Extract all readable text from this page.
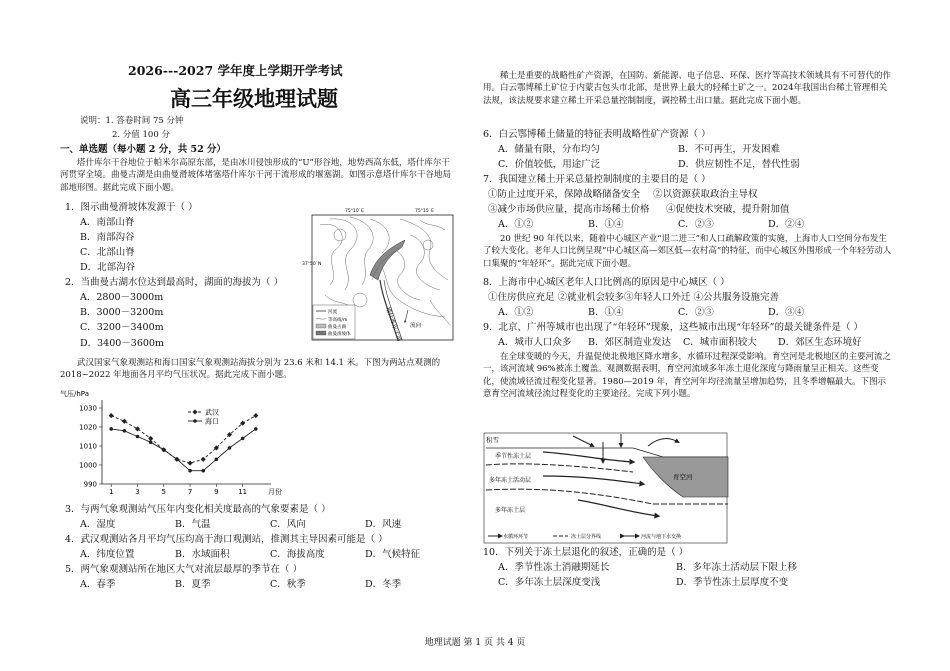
2026---2027 学年度上学期开学考试
高三年级地理试题
说明：1. 答卷时间 75 分钟
2. 分值 100 分
一、单选题（每小题 2 分，共 52 分）
塔什库尔干谷地位于帕米尔高原东部，是由冰川侵蚀形成的“U”形谷地，地势西高东低，塔什库尔干河贯穿全境。曲曼古湖是由曲曼滑坡体堵塞塔什库尔干河干流形成的堰塞湖。如图示意塔什库尔干谷地局部地形图。据此完成下面小题。
1．图示曲曼滑坡体发源于（ ）
A．南部山脊
B．南部沟谷
C．北部山脊
D．北部沟谷
2．当曲曼古湖水位达到最高时，湖面的海拔为（ ）
A．2800－3000m
B．3000－3200m
C．3200－3400m
D．3400－3600m
塔什库尔干河 流向
75°10′ E	75°15′ E
37°50′ N
河流
等高线/m
曲曼古湖
曲曼滑坡体
武汉国家气象观测站和海口国家气象观测站海拔分别为 23.6 米和 14.1 米。下图为两站点观测的 2018~2022 年地面各月平均气压状况。据此完成下面小题。
气压/hPa
月份
990
1000
1010
1020
1030
1	3	5	7	9	11
武汉
海口
3．与两气象观测站气压年内变化相关度最高的气象要素是（ ）
A．湿度	B．气温	C．风向	D．风速
4．武汉观测站各月平均气压均高于海口观测站，推测其主导因素可能是（ ）
A．纬度位置	B．水域面积	C．海拔高度	D．气候特征
5．两气象观测站所在地区大气对流层最厚的季节在（ ）
A．春季	B．夏季	C．秋季	D．冬季
稀土是重要的战略性矿产资源，在国防、新能源、电子信息、环保、医疗等高技术领域具有不可替代的作用。白云鄂博稀土矿位于内蒙古包头市北部，是世界上最大的轻稀土矿之一。2024年我国出台稀土管理相关法规，该法规要求建立稀土开采总量控制制度，调控稀土出口量。据此完成下面小题。
6．白云鄂博稀土储量的特征表明战略性矿产资源（ ）
A．储量有限，分布均匀	B．不可再生，开发困难
C．价值较低，用途广泛	D．供应韧性不足，替代性弱
7．我国建立稀土开采总量控制制度的主要目的是（ ）
①防止过度开采，保障战略储备安全	②以资源获取政治主导权
③减少市场供应量，提高市场稀土价格	④促使技术突破，提升附加值
A．①②	B．①④	C．②③	D．②④
20 世纪 90 年代以来，随着中心城区产业“退二进三”和人口疏解政策的实施，上海市人口空间分布发生了较大变化。老年人口比例呈现“中心城区高—郊区低—农村高”的特征，而中心城区外围形成一个年轻劳动人口集聚的“年轻环”。据此完成下面小题。
8．上海市中心城区老年人口比例高的原因是中心城区（ ）
①住房供应充足 ②就业机会较多③年轻人口外迁 ④公共服务设施完善
A．①②	B．①④	C．②③	D．③④
9．北京、广州等城市也出现了“年轻环”现象，这些城市出现“年轻环”的最关键条件是（ ）
A．城市人口众多	B．郊区制造业发达	C．城市面积较大	D．郊区生态环境好
在全球变暖的今天，升温促使北极地区降水增多，水循环过程深受影响。育空河是北极地区的主要河流之一，该河流域 96%被冻土覆盖。观测数据表明，育空河流域多年冻土退化深度与降雨量呈正相关。这些变化，使流域径流过程变化显著。1980—2019 年，育空河年均径流量呈增加趋势，且冬季增幅最大。下图示意育空河流域径流过程变化的主要途径。完成下列小题。
积雪
育空河
季节性冻土层
多年冻土活动层
多年冻土层
水循环环节	冻土层分界线	河流与地下水交换
10．下列关于冻土层退化的叙述，正确的是（ ）
A．季节性冻土消融期延长	B．多年冻土活动层下限上移
C．多年冻土层深度变浅	D．季节性冻土层厚度不变
地理试题 第 1 页 共 4 页
